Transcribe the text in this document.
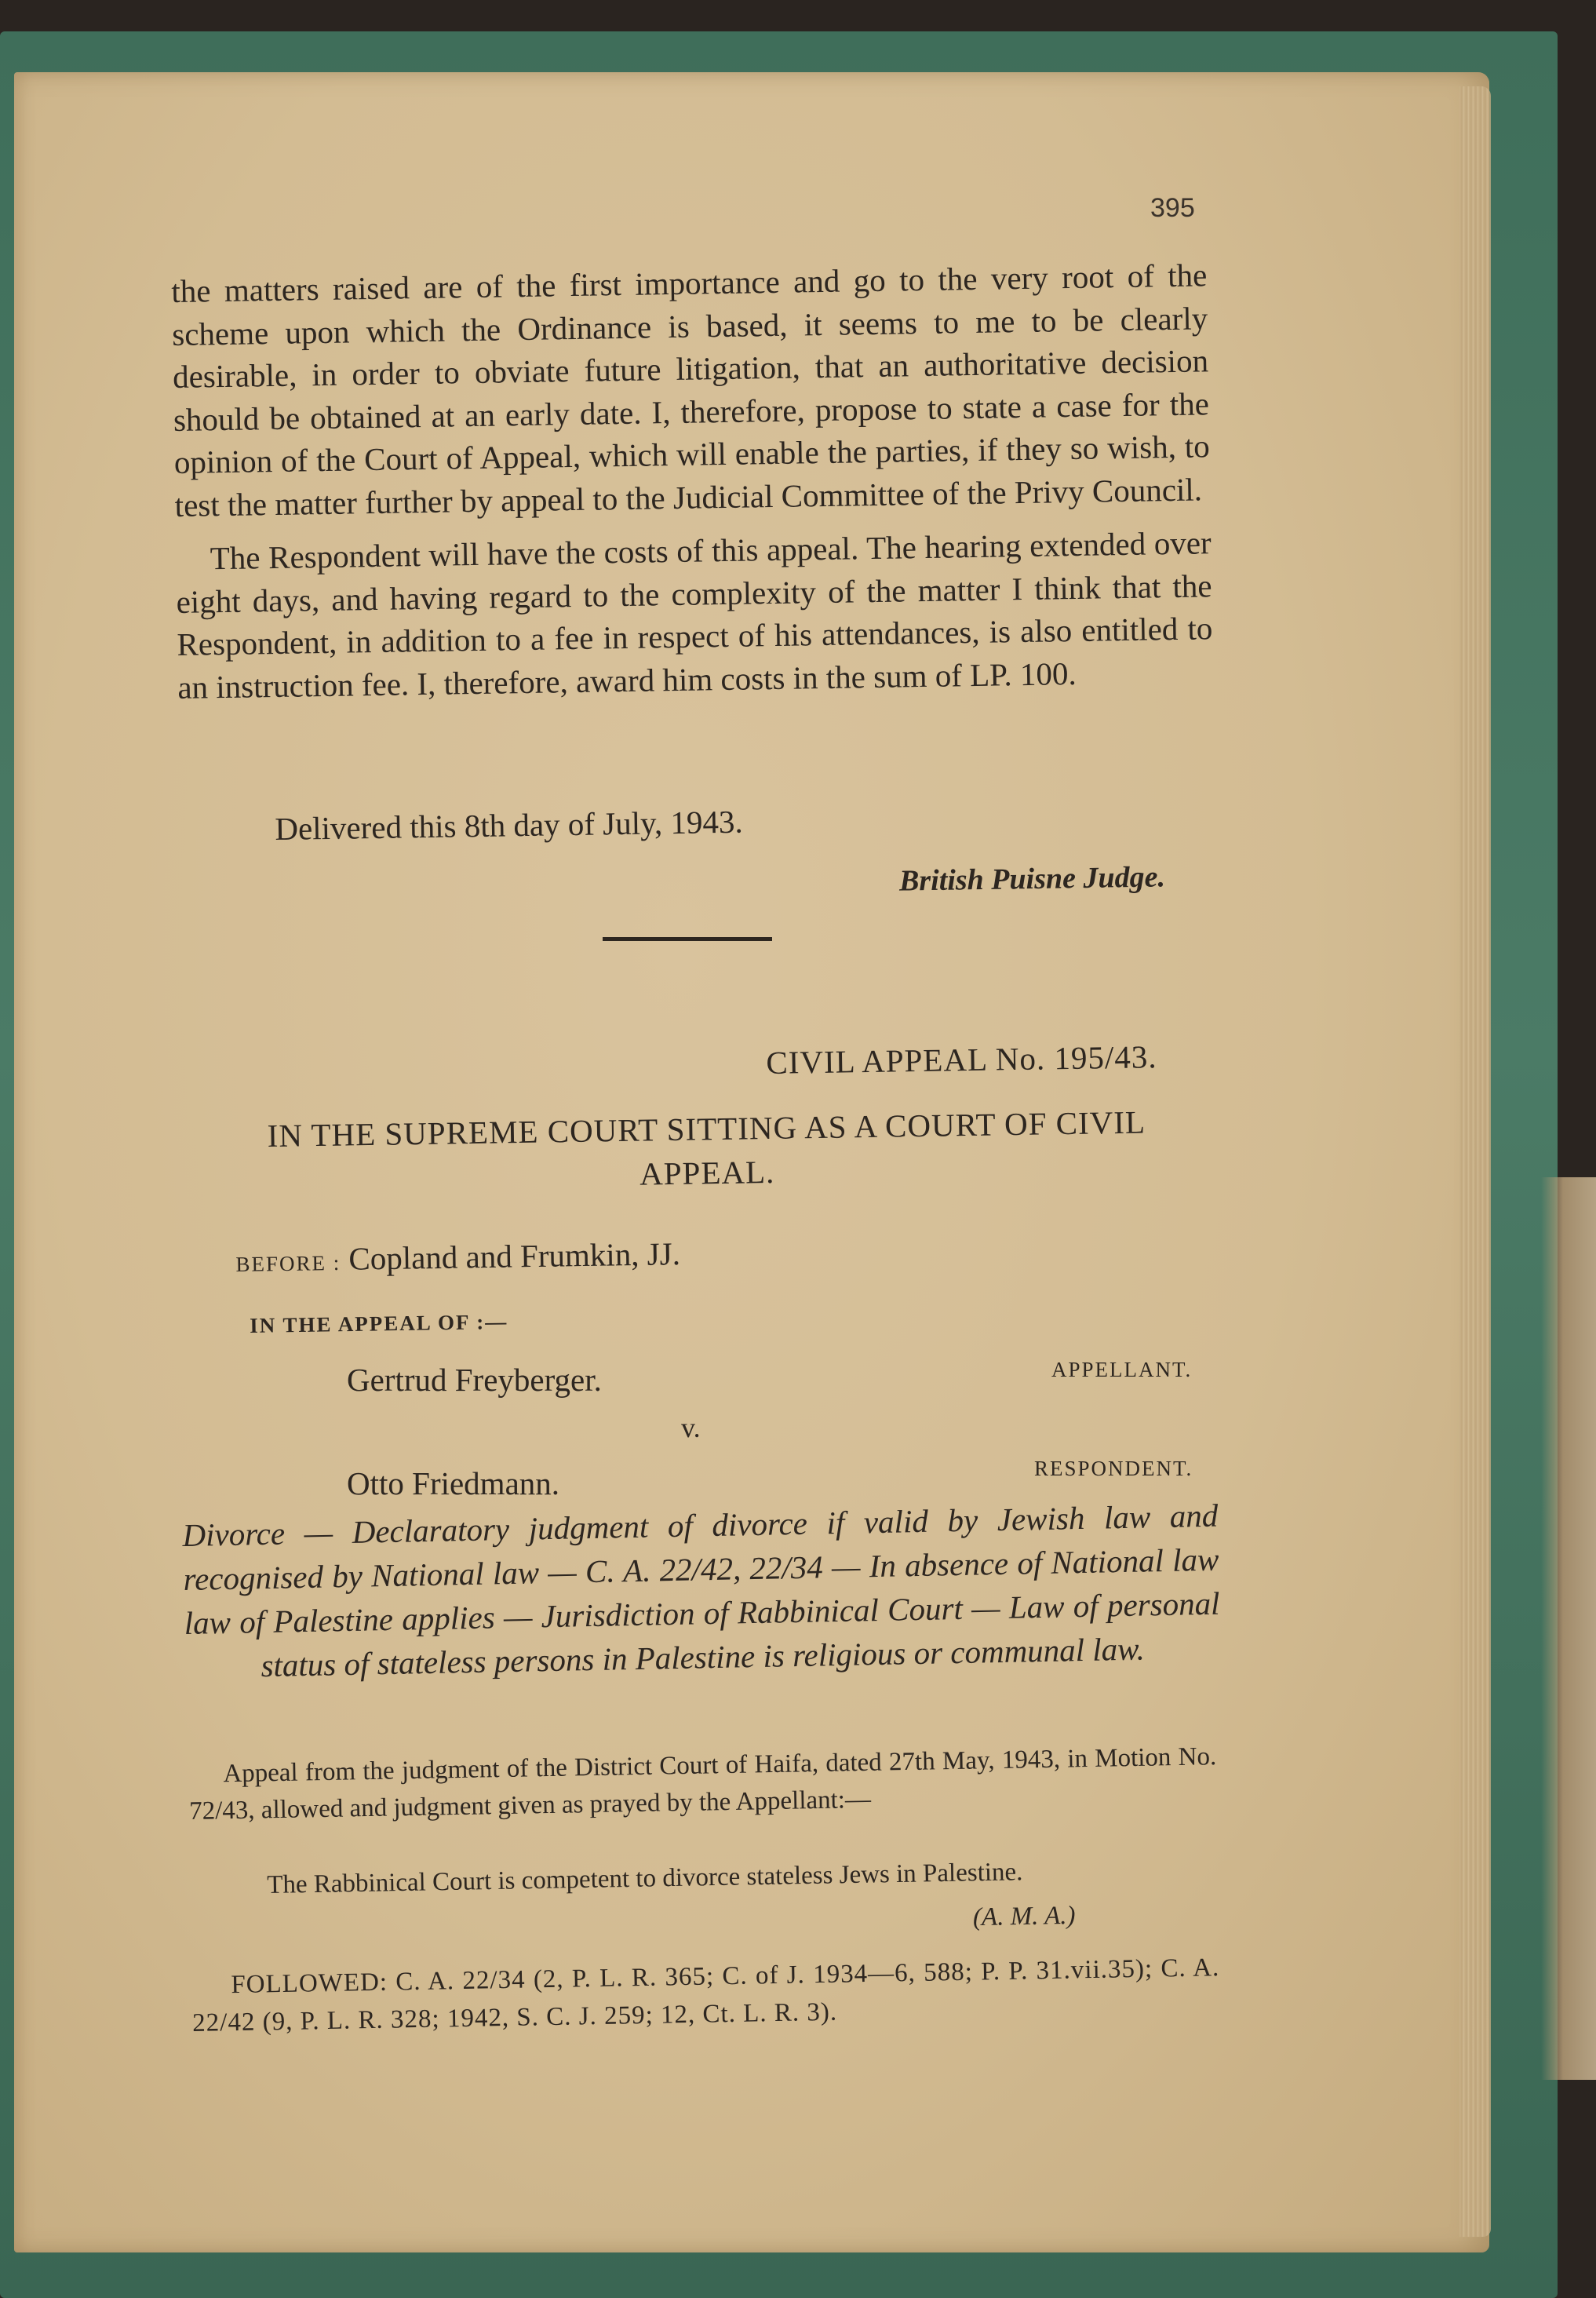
395

the matters raised are of the first importance and go to the very root of the scheme upon which the Ordinance is based, it seems to me to be clearly desirable, in order to obviate future litigation, that an authoritative decision should be obtained at an early date. I, therefore, propose to state a case for the opinion of the Court of Appeal, which will enable the parties, if they so wish, to test the matter further by appeal to the Judicial Committee of the Privy Council.

The Respondent will have the costs of this appeal. The hearing extended over eight days, and having regard to the complexity of the matter I think that the Respondent, in addition to a fee in respect of his attendances, is also entitled to an instruction fee. I, therefore, award him costs in the sum of LP. 100.

Delivered this 8th day of July, 1943.
British Puisne Judge.
CIVIL APPEAL No. 195/43.
IN THE SUPREME COURT SITTING AS A COURT OF CIVIL APPEAL.
BEFORE : Copland and Frumkin, JJ.
IN THE APPEAL OF :—
Gertrud Freyberger.	APPELLANT.
v.
Otto Friedmann.	RESPONDENT.
Divorce — Declaratory judgment of divorce if valid by Jewish law and recognised by National law — C. A. 22/42, 22/34 — In absence of National law law of Palestine applies — Jurisdiction of Rabbinical Court — Law of personal status of stateless persons in Palestine is religious or communal law.
Appeal from the judgment of the District Court of Haifa, dated 27th May, 1943, in Motion No. 72/43, allowed and judgment given as prayed by the Appellant:—
The Rabbinical Court is competent to divorce stateless Jews in Palestine.
(A. M. A.)
FOLLOWED: C. A. 22/34 (2, P. L. R. 365; C. of J. 1934—6, 588; P. P. 31.vii.35); C. A. 22/42 (9, P. L. R. 328; 1942, S. C. J. 259; 12, Ct. L. R. 3).
